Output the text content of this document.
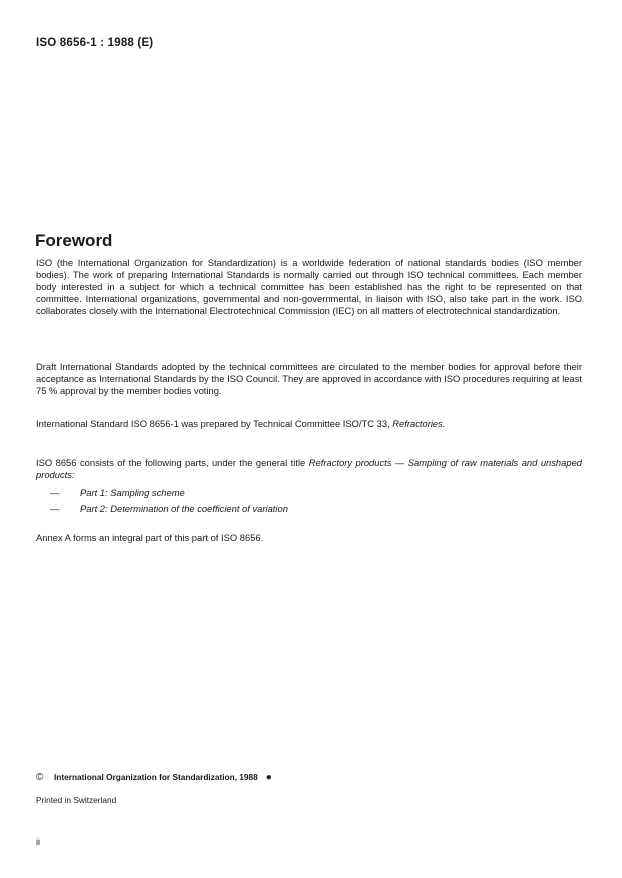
ISO 8656-1 : 1988 (E)
Foreword

ISO (the International Organization for Standardization) is a worldwide federation of national standards bodies (ISO member bodies). The work of preparing International Standards is normally carried out through ISO technical committees. Each member body interested in a subject for which a technical committee has been established has the right to be represented on that committee. International organizations, governmental and non-governmental, in liaison with ISO, also take part in the work. ISO collaborates closely with the International Electrotechnical Commission (IEC) on all matters of electrotechnical standardization.

Draft International Standards adopted by the technical committees are circulated to the member bodies for approval before their acceptance as International Standards by the ISO Council. They are approved in accordance with ISO procedures requiring at least 75 % approval by the member bodies voting.

International Standard ISO 8656-1 was prepared by Technical Committee ISO/TC 33, Refractories.

ISO 8656 consists of the following parts, under the general title Refractory products — Sampling of raw materials and unshaped products:

— Part 1: Sampling scheme
— Part 2: Determination of the coefficient of variation

Annex A forms an integral part of this part of ISO 8656.

© International Organization for Standardization, 1988 ●

Printed in Switzerland

ii
